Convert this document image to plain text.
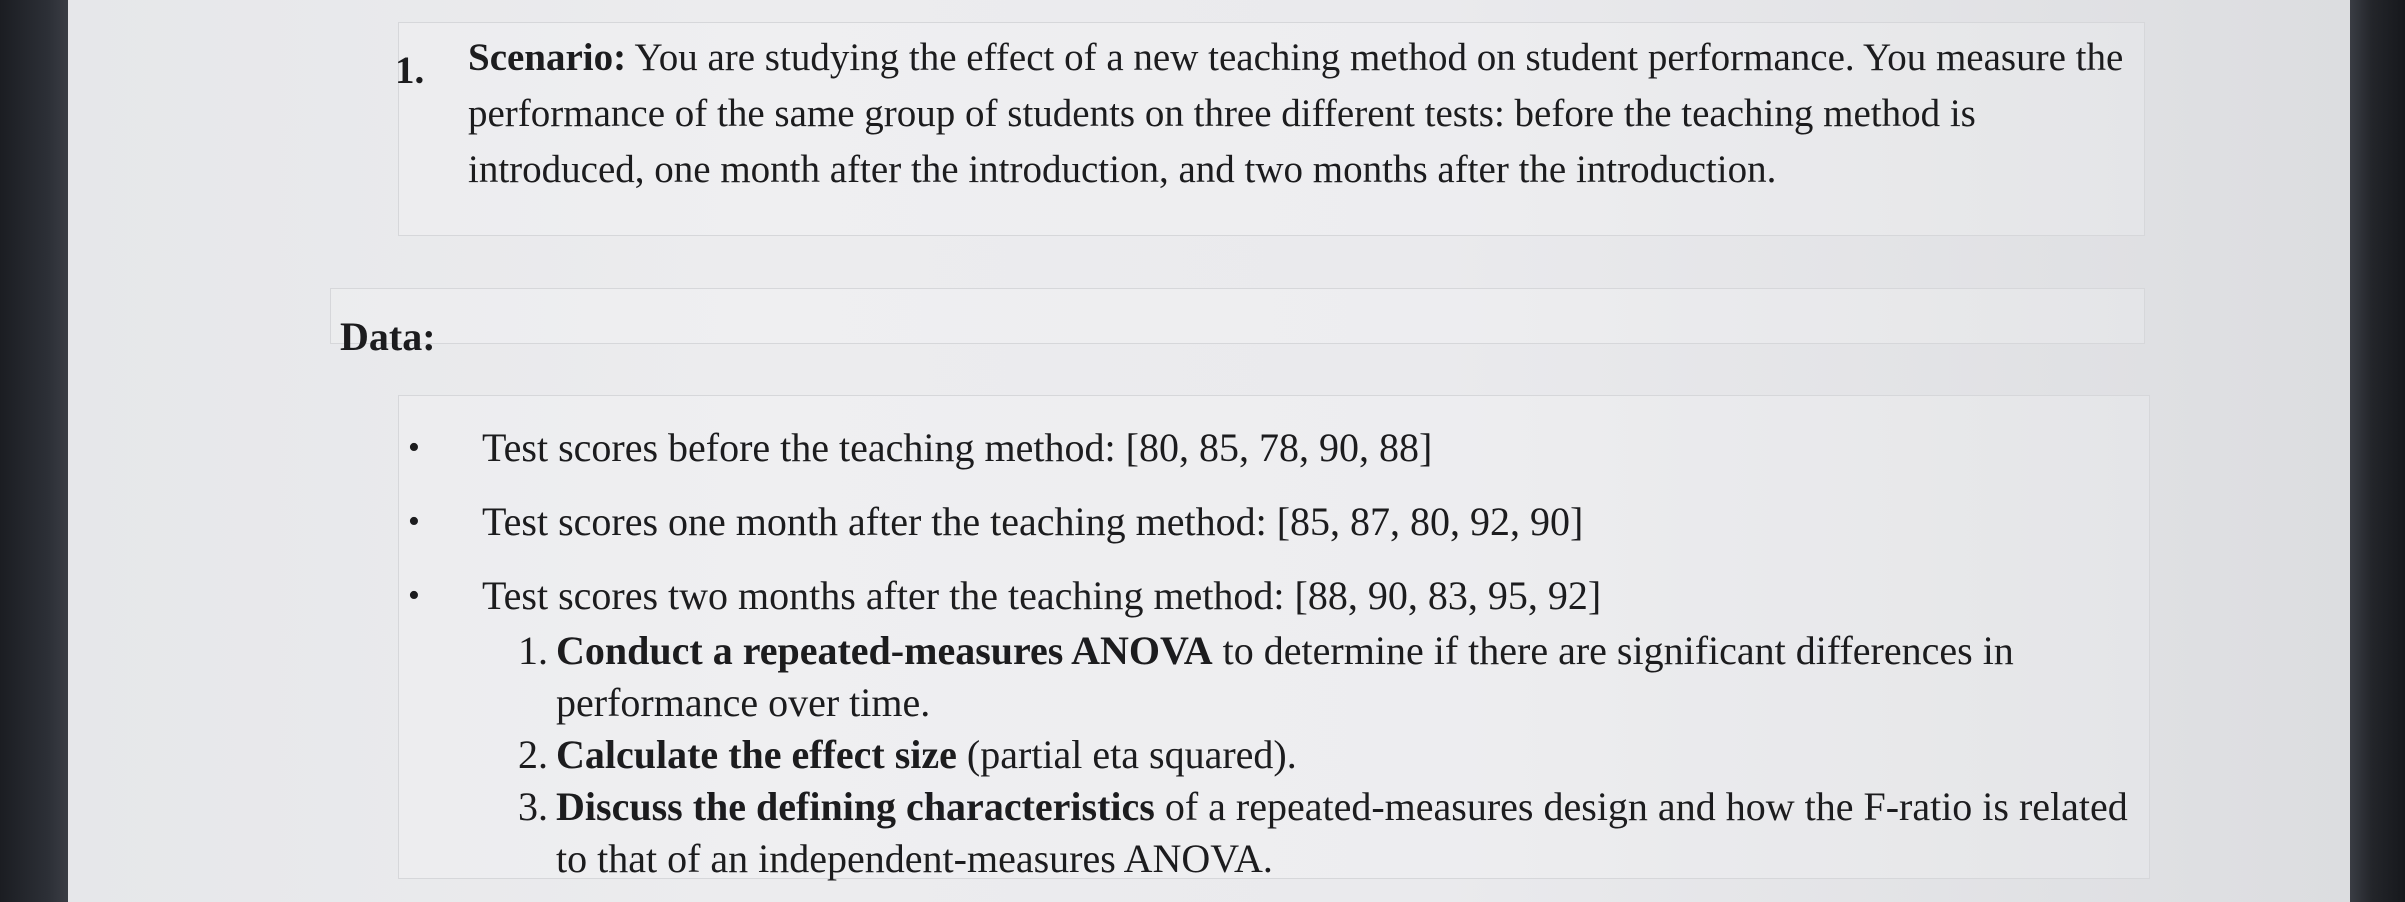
1. Scenario: You are studying the effect of a new teaching method on student performance. You measure the performance of the same group of students on three different tests: before the teaching method is introduced, one month after the introduction, and two months after the introduction.
Data:
•	Test scores before the teaching method: [80, 85, 78, 90, 88]
•	Test scores one month after the teaching method: [85, 87, 80, 92, 90]
•	Test scores two months after the teaching method: [88, 90, 83, 95, 92]
1. Conduct a repeated-measures ANOVA to determine if there are significant differences in performance over time.
2. Calculate the effect size (partial eta squared).
3. Discuss the defining characteristics of a repeated-measures design and how the F-ratio is related to that of an independent-measures ANOVA.
